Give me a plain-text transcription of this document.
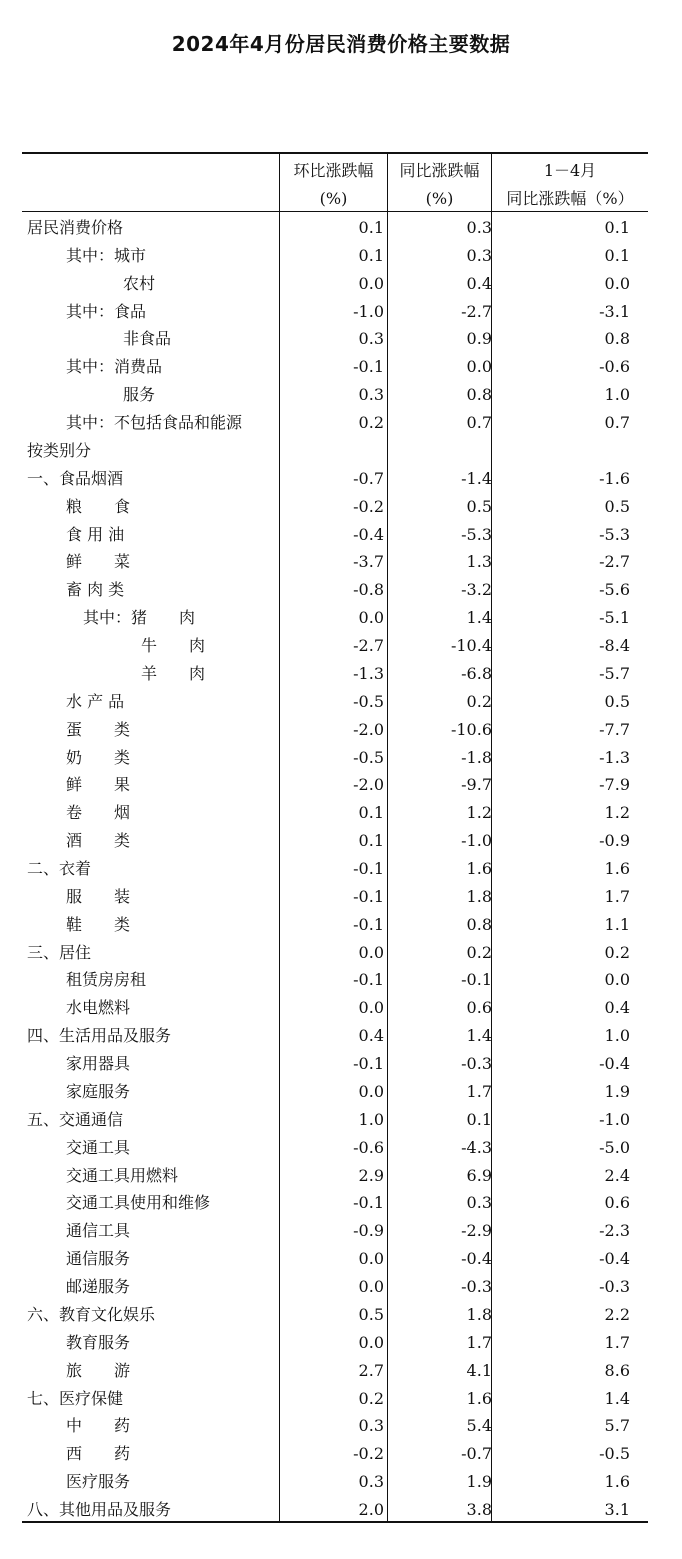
2024年4月份居民消费价格主要数据
环比涨跌幅
(%)
同比涨跌幅
(%)
1－4月
同比涨跌幅（%）
居民消费价格	0.1	0.3	0.1
其中：城市	0.1	0.3	0.1
农村	0.0	0.4	0.0
其中：食品	-1.0	-2.7	-3.1
非食品	0.3	0.9	0.8
其中：消费品	-0.1	0.0	-0.6
服务	0.3	0.8	1.0
其中：不包括食品和能源	0.2	0.7	0.7
按类别分
一、食品烟酒	-0.7	-1.4	-1.6
粮　　食	-0.2	0.5	0.5
食 用 油	-0.4	-5.3	-5.3
鲜　　菜	-3.7	1.3	-2.7
畜 肉 类	-0.8	-3.2	-5.6
其中：猪　　肉	0.0	1.4	-5.1
牛　　肉	-2.7	-10.4	-8.4
羊　　肉	-1.3	-6.8	-5.7
水 产 品	-0.5	0.2	0.5
蛋　　类	-2.0	-10.6	-7.7
奶　　类	-0.5	-1.8	-1.3
鲜　　果	-2.0	-9.7	-7.9
卷　　烟	0.1	1.2	1.2
酒　　类	0.1	-1.0	-0.9
二、衣着	-0.1	1.6	1.6
服　　装	-0.1	1.8	1.7
鞋　　类	-0.1	0.8	1.1
三、居住	0.0	0.2	0.2
租赁房房租	-0.1	-0.1	0.0
水电燃料	0.0	0.6	0.4
四、生活用品及服务	0.4	1.4	1.0
家用器具	-0.1	-0.3	-0.4
家庭服务	0.0	1.7	1.9
五、交通通信	1.0	0.1	-1.0
交通工具	-0.6	-4.3	-5.0
交通工具用燃料	2.9	6.9	2.4
交通工具使用和维修	-0.1	0.3	0.6
通信工具	-0.9	-2.9	-2.3
通信服务	0.0	-0.4	-0.4
邮递服务	0.0	-0.3	-0.3
六、教育文化娱乐	0.5	1.8	2.2
教育服务	0.0	1.7	1.7
旅　　游	2.7	4.1	8.6
七、医疗保健	0.2	1.6	1.4
中　　药	0.3	5.4	5.7
西　　药	-0.2	-0.7	-0.5
医疗服务	0.3	1.9	1.6
八、其他用品及服务	2.0	3.8	3.1
